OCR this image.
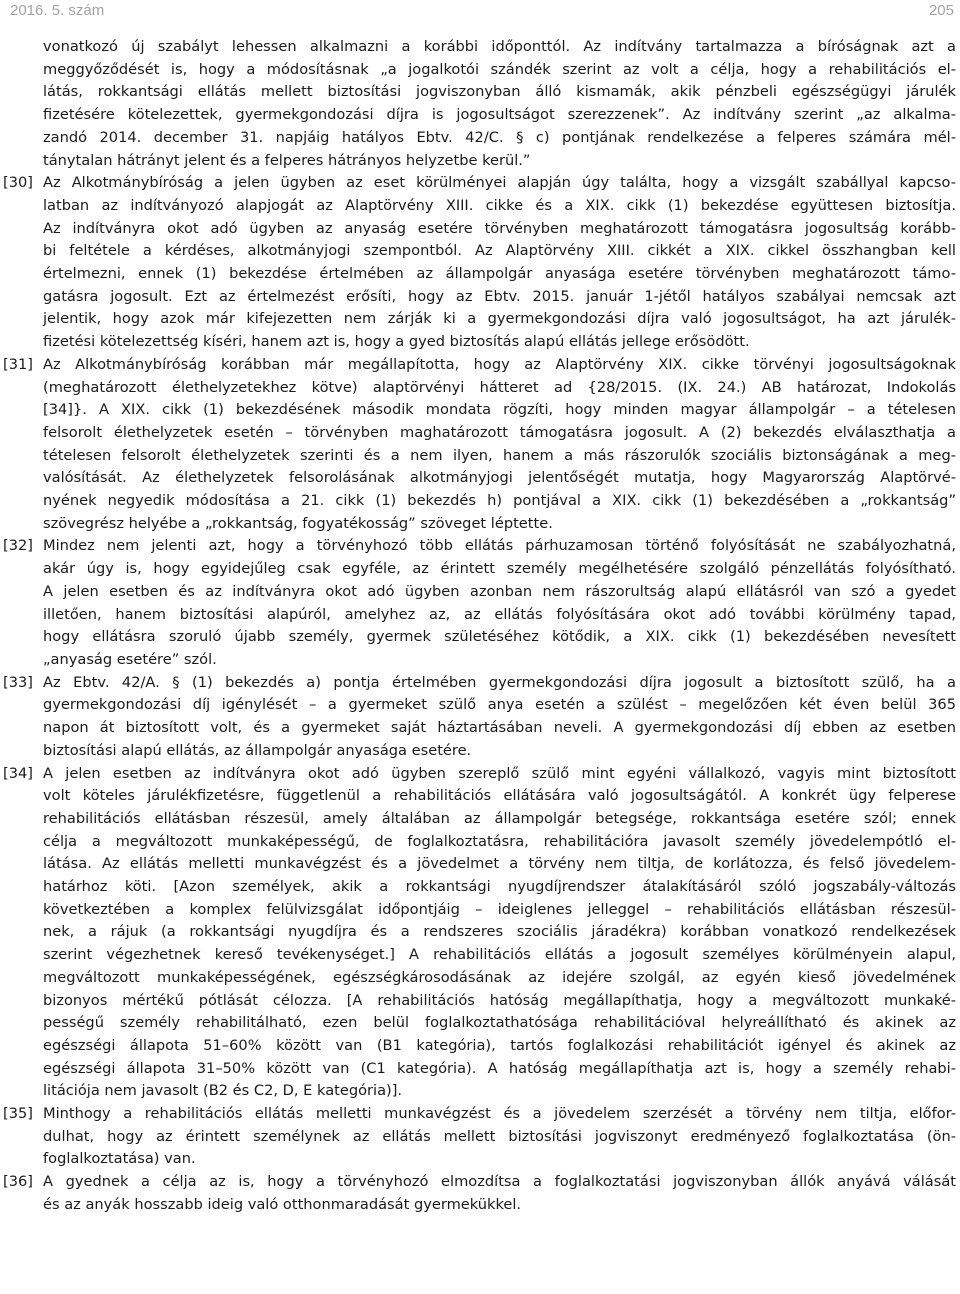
2016. 5. szám	205
vonatkozó új szabályt lehessen alkalmazni a korábbi időponttól. Az indítvány tartalmazza a bíróságnak azt a
meggyőződését is, hogy a módosításnak „a jogalkotói szándék szerint az volt a célja, hogy a rehabilitációs el-
látás, rokkantsági ellátás mellett biztosítási jogviszonyban álló kismamák, akik pénzbeli egészségügyi járulék
fizetésére kötelezettek, gyermekgondozási díjra is jogosultságot szerezzenek”. Az indítvány szerint „az alkalma-
zandó 2014. december 31. napjáig hatályos Ebtv. 42/C. § c) pontjának rendelkezése a felperes számára mél-
tánytalan hátrányt jelent és a felperes hátrányos helyzetbe kerül.”
[30] Az Alkotmánybíróság a jelen ügyben az eset körülményei alapján úgy találta, hogy a vizsgált szabállyal kapcso-
latban az indítványozó alapjogát az Alaptörvény XIII. cikke és a XIX. cikk (1) bekezdése együttesen biztosítja.
Az indítványra okot adó ügyben az anyaság esetére törvényben meghatározott támogatásra jogosultság korább-
bi feltétele a kérdéses, alkotmányjogi szempontból. Az Alaptörvény XIII. cikkét a XIX. cikkel összhangban kell
értelmezni, ennek (1) bekezdése értelmében az állampolgár anyasága esetére törvényben meghatározott támo-
gatásra jogosult. Ezt az értelmezést erősíti, hogy az Ebtv. 2015. január 1-jétől hatályos szabályai nemcsak azt
jelentik, hogy azok már kifejezetten nem zárják ki a gyermekgondozási díjra való jogosultságot, ha azt járulék-
fizetési kötelezettség kíséri, hanem azt is, hogy a gyed biztosítás alapú ellátás jellege erősödött.
[31] Az Alkotmánybíróság korábban már megállapította, hogy az Alaptörvény XIX. cikke törvényi jogosultságoknak
(meghatározott élethelyzetekhez kötve) alaptörvényi hátteret ad {28/2015. (IX. 24.) AB határozat, Indokolás
[34]}. A XIX. cikk (1) bekezdésének második mondata rögzíti, hogy minden magyar állampolgár – a tételesen
felsorolt élethelyzetek esetén – törvényben maghatározott támogatásra jogosult. A (2) bekezdés elválaszthatja a
tételesen felsorolt élethelyzetek szerinti és a nem ilyen, hanem a más rászorulók szociális biztonságának a meg-
valósítását. Az élethelyzetek felsorolásának alkotmányjogi jelentőségét mutatja, hogy Magyarország Alaptörvé-
nyének negyedik módosítása a 21. cikk (1) bekezdés h) pontjával a XIX. cikk (1) bekezdésében a „rokkantság”
szövegrész helyébe a „rokkantság, fogyatékosság” szöveget léptette.
[32] Mindez nem jelenti azt, hogy a törvényhozó több ellátás párhuzamosan történő folyósítását ne szabályozhatná,
akár úgy is, hogy egyidejűleg csak egyféle, az érintett személy megélhetésére szolgáló pénzellátás folyósítható.
A jelen esetben és az indítványra okot adó ügyben azonban nem rászorultság alapú ellátásról van szó a gyedet
illetően, hanem biztosítási alapúról, amelyhez az, az ellátás folyósítására okot adó további körülmény tapad,
hogy ellátásra szoruló újabb személy, gyermek születéséhez kötődik, a XIX. cikk (1) bekezdésében nevesített
„anyaság esetére” szól.
[33] Az Ebtv. 42/A. § (1) bekezdés a) pontja értelmében gyermekgondozási díjra jogosult a biztosított szülő, ha a
gyermekgondozási díj igénylését – a gyermeket szülő anya esetén a szülést – megelőzően két éven belül 365
napon át biztosított volt, és a gyermeket saját háztartásában neveli. A gyermekgondozási díj ebben az esetben
biztosítási alapú ellátás, az állampolgár anyasága esetére.
[34] A jelen esetben az indítványra okot adó ügyben szereplő szülő mint egyéni vállalkozó, vagyis mint biztosított
volt köteles járulékfizetésre, függetlenül a rehabilitációs ellátására való jogosultságától. A konkrét ügy felperese
rehabilitációs ellátásban részesül, amely általában az állampolgár betegsége, rokkantsága esetére szól; ennek
célja a megváltozott munkaképességű, de foglalkoztatásra, rehabilitációra javasolt személy jövedelempótló el-
látása. Az ellátás melletti munkavégzést és a jövedelmet a törvény nem tiltja, de korlátozza, és felső jövedelem-
határhoz köti. [Azon személyek, akik a rokkantsági nyugdíjrendszer átalakításáról szóló jogszabály-változás
következtében a komplex felülvizsgálat időpontjáig – ideiglenes jelleggel – rehabilitációs ellátásban részesül-
nek, a rájuk (a rokkantsági nyugdíjra és a rendszeres szociális járadékra) korábban vonatkozó rendelkezések
szerint végezhetnek kereső tevékenységet.] A rehabilitációs ellátás a jogosult személyes körülményein alapul,
megváltozott munkaképességének, egészségkárosodásának az idejére szolgál, az egyén kieső jövedelmének
bizonyos mértékű pótlását célozza. [A rehabilitációs hatóság megállapíthatja, hogy a megváltozott munkaké-
pességű személy rehabilitálható, ezen belül foglalkoztathatósága rehabilitációval helyreállítható és akinek az
egészségi állapota 51–60% között van (B1 kategória), tartós foglalkozási rehabilitációt igényel és akinek az
egészségi állapota 31–50% között van (C1 kategória). A hatóság megállapíthatja azt is, hogy a személy rehabi-
litációja nem javasolt (B2 és C2, D, E kategória)].
[35] Minthogy a rehabilitációs ellátás melletti munkavégzést és a jövedelem szerzését a törvény nem tiltja, előfor-
dulhat, hogy az érintett személynek az ellátás mellett biztosítási jogviszonyt eredményező foglalkoztatása (ön-
foglalkoztatása) van.
[36] A gyednek a célja az is, hogy a törvényhozó elmozdítsa a foglalkoztatási jogviszonyban állók anyává válását
és az anyák hosszabb ideig való otthonmaradását gyermekükkel.
